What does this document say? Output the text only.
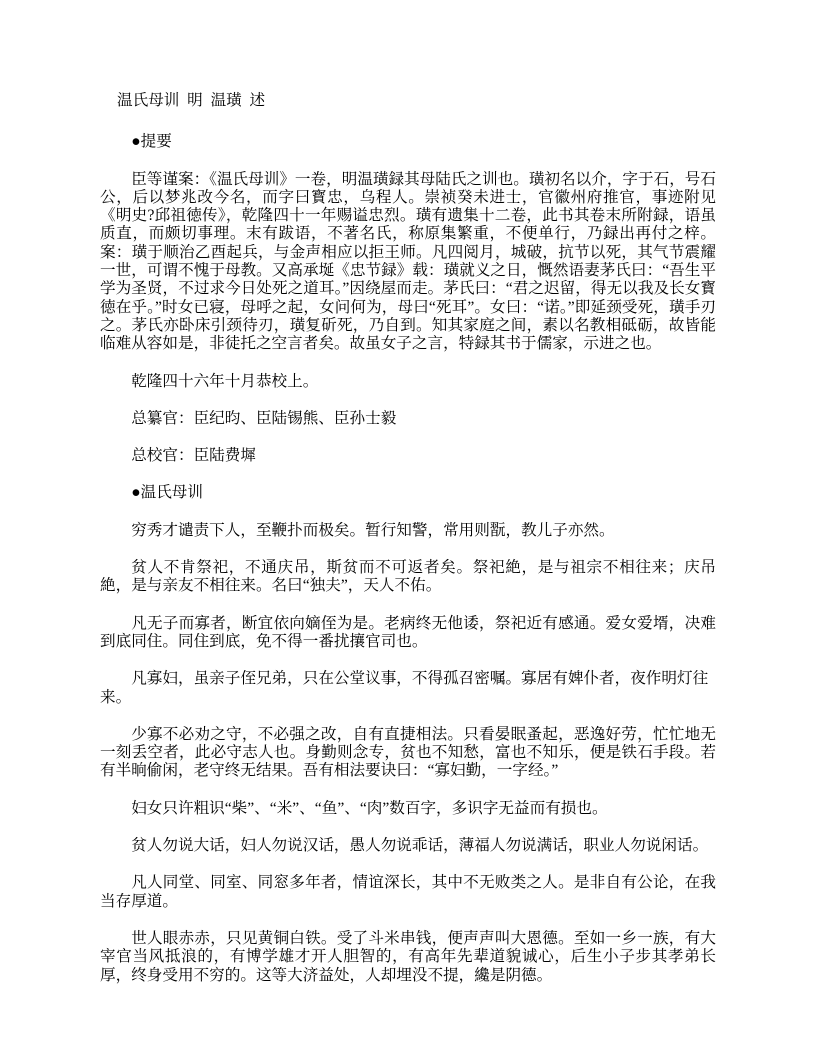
温氏母训 明 温璜 述

●提要

臣等谨案：《温氏母训》一卷，明温璜録其母陆氏之训也。璜初名以介，字于石，号石公，后以梦兆改今名，而字曰寳忠，乌程人。崇祯癸未进士，官徽州府推官，事迹附见《明史?邱祖徳传》，乾隆四十一年赐谥忠烈。璜有遗集十二卷，此书其卷末所附録，语虽质直，而颇切事理。末有跋语，不著名氏，称原集繁重，不便单行，乃録出再付之梓。案：璜于顺治乙酉起兵，与金声相应以拒王师。凡四阅月，城破，抗节以死，其气节震耀一世，可谓不愧于母教。又高承埏《忠节録》载：璜就义之日，慨然语妻茅氏曰：“吾生平学为圣贤，不过求今日处死之道耳。”因绕屋而走。茅氏曰：“君之迟留，得无以我及长女寳徳在乎。”时女已寝，母呼之起，女问何为，母曰“死耳”。女曰：“诺。”即延颈受死，璜手刃之。茅氏亦卧床引颈待刃，璜复斫死，乃自到。知其家庭之间，素以名教相砥砺，故皆能临难从容如是，非徒托之空言者矣。故虽女子之言，特録其书于儒家，示进之也。

乾隆四十六年十月恭校上。

总纂官：臣纪昀、臣陆锡熊、臣孙士毅

总校官：臣陆费墀

●温氏母训

穷秀才谴责下人，至鞭扑而极矣。暂行知警，常用则翫，教儿子亦然。

贫人不肯祭祀，不通庆吊，斯贫而不可返者矣。祭祀絶，是与祖宗不相往来；庆吊絶，是与亲友不相往来。名曰“独夫”，天人不佑。

凡无子而寡者，断宜依向嫡侄为是。老病终无他诿，祭祀近有感通。爱女爱壻，决难到底同住。同住到底，免不得一番扰攘官司也。

凡寡妇，虽亲子侄兄弟，只在公堂议事，不得孤召密嘱。寡居有婢仆者，夜作明灯往来。

少寡不必劝之守，不必强之改，自有直捷相法。只看晏眠蚤起，恶逸好劳，忙忙地无一刻丢空者，此必守志人也。身勤则念专，贫也不知愁，富也不知乐，便是铁石手段。若有半晌偷闲，老守终无结果。吾有相法要诀曰：“寡妇勤，一字经。”

妇女只许粗识“柴”、“米”、“鱼”、“肉”数百字，多识字无益而有损也。

贫人勿说大话，妇人勿说汉话，愚人勿说乖话，薄福人勿说满话，职业人勿说闲话。

凡人同堂、同室、同窓多年者，情谊深长，其中不无败类之人。是非自有公论，在我当存厚道。

世人眼赤赤，只见黄铜白铁。受了斗米串钱，便声声叫大恩德。至如一乡一族，有大宰官当风抵浪的，有博学雄才开人胆智的，有高年先辈道貌诚心，后生小子步其孝弟长厚，终身受用不穷的。这等大济益处，人却埋没不提，纔是阴德。
